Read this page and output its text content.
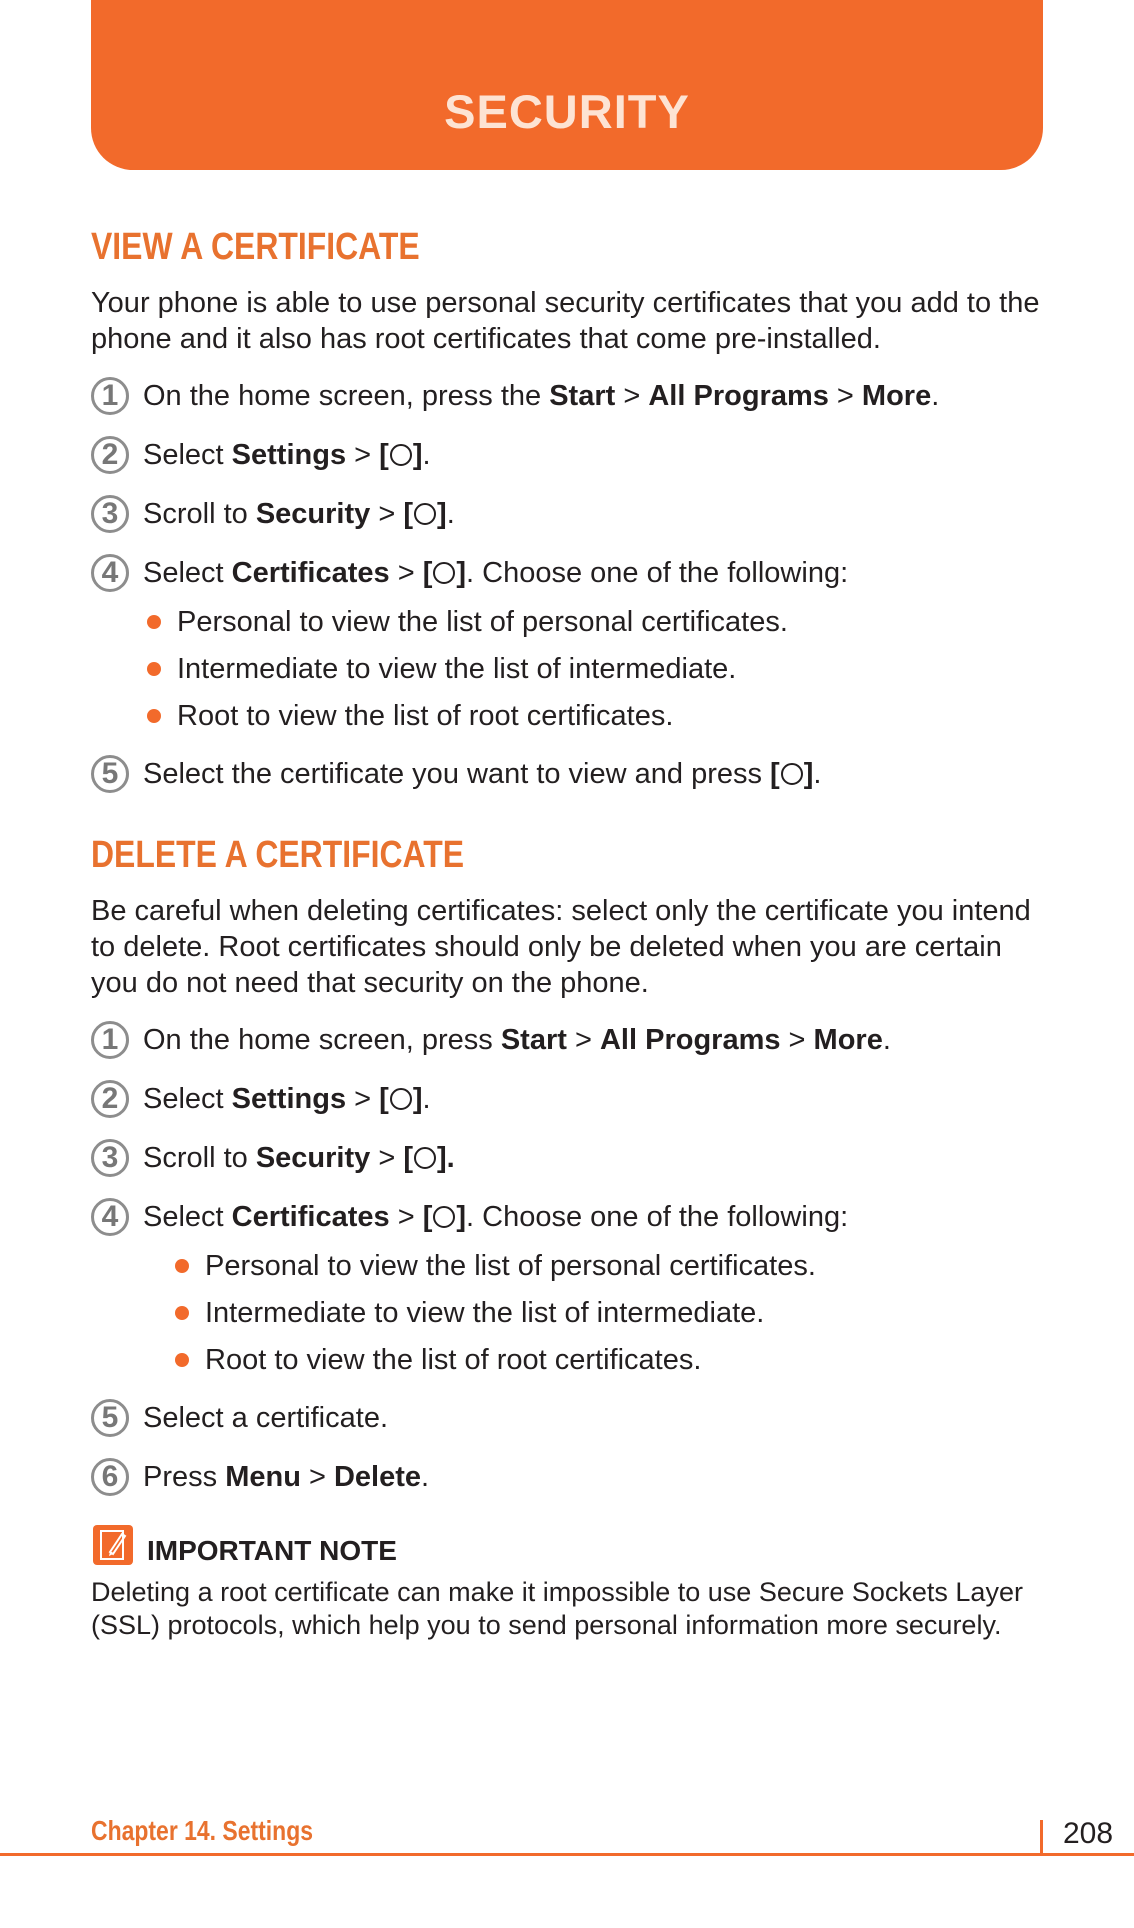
SECURITY
VIEW A CERTIFICATE

Your phone is able to use personal security certificates that you add to the phone and it also has root certificates that come pre-installed.

1 On the home screen, press the Start > All Programs > More.
2 Select Settings > [ ].
3 Scroll to Security > [ ].
4 Select Certificates > [ ]. Choose one of the following:
Personal to view the list of personal certificates.
Intermediate to view the list of intermediate.
Root to view the list of root certificates.
5 Select the certificate you want to view and press [ ].
DELETE A CERTIFICATE

Be careful when deleting certificates: select only the certificate you intend to delete. Root certificates should only be deleted when you are certain you do not need that security on the phone.

1 On the home screen, press Start > All Programs > More.
2 Select Settings > [ ].
3 Scroll to Security > [ ].
4 Select Certificates > [ ]. Choose one of the following:
Personal to view the list of personal certificates.
Intermediate to view the list of intermediate.
Root to view the list of root certificates.
5 Select a certificate.
6 Press Menu > Delete.
IMPORTANT NOTE

Deleting a root certificate can make it impossible to use Secure Sockets Layer (SSL) protocols, which help you to send personal information more securely.

Chapter 14. Settings	208
